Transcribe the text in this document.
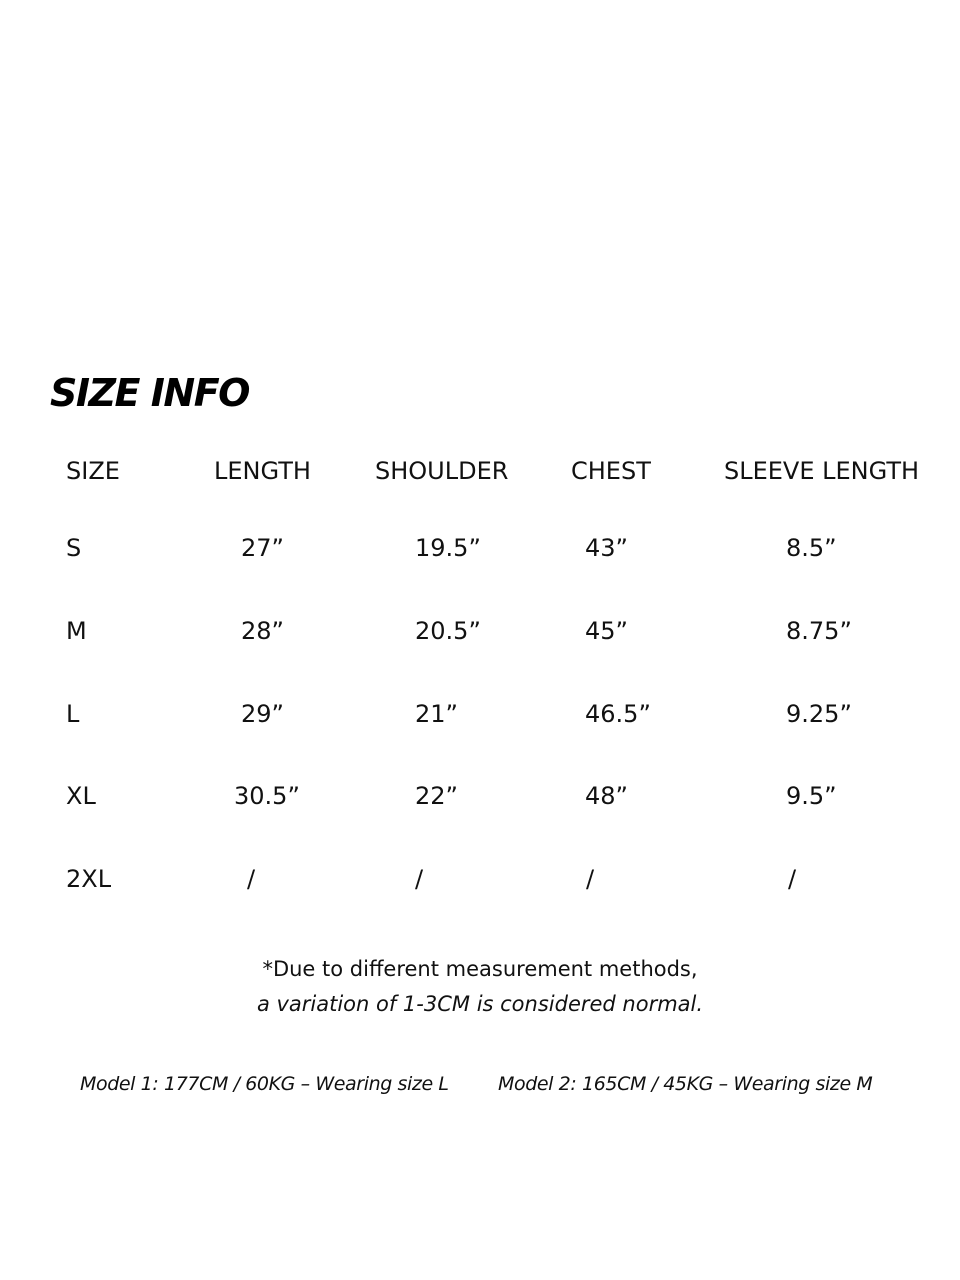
SIZE INFO
SIZE	LENGTH	SHOULDER	CHEST	SLEEVE LENGTH
S	27”	19.5”	43”	8.5”
M	28”	20.5”	45”	8.75”
L	29”	21”	46.5”	9.25”
XL	30.5”	22”	48”	9.5”
2XL	/	/	/	/
*Due to different measurement methods,
a variation of 1-3CM is considered normal.
Model 1: 177CM / 60KG – Wearing size L	Model 2: 165CM / 45KG – Wearing size M
